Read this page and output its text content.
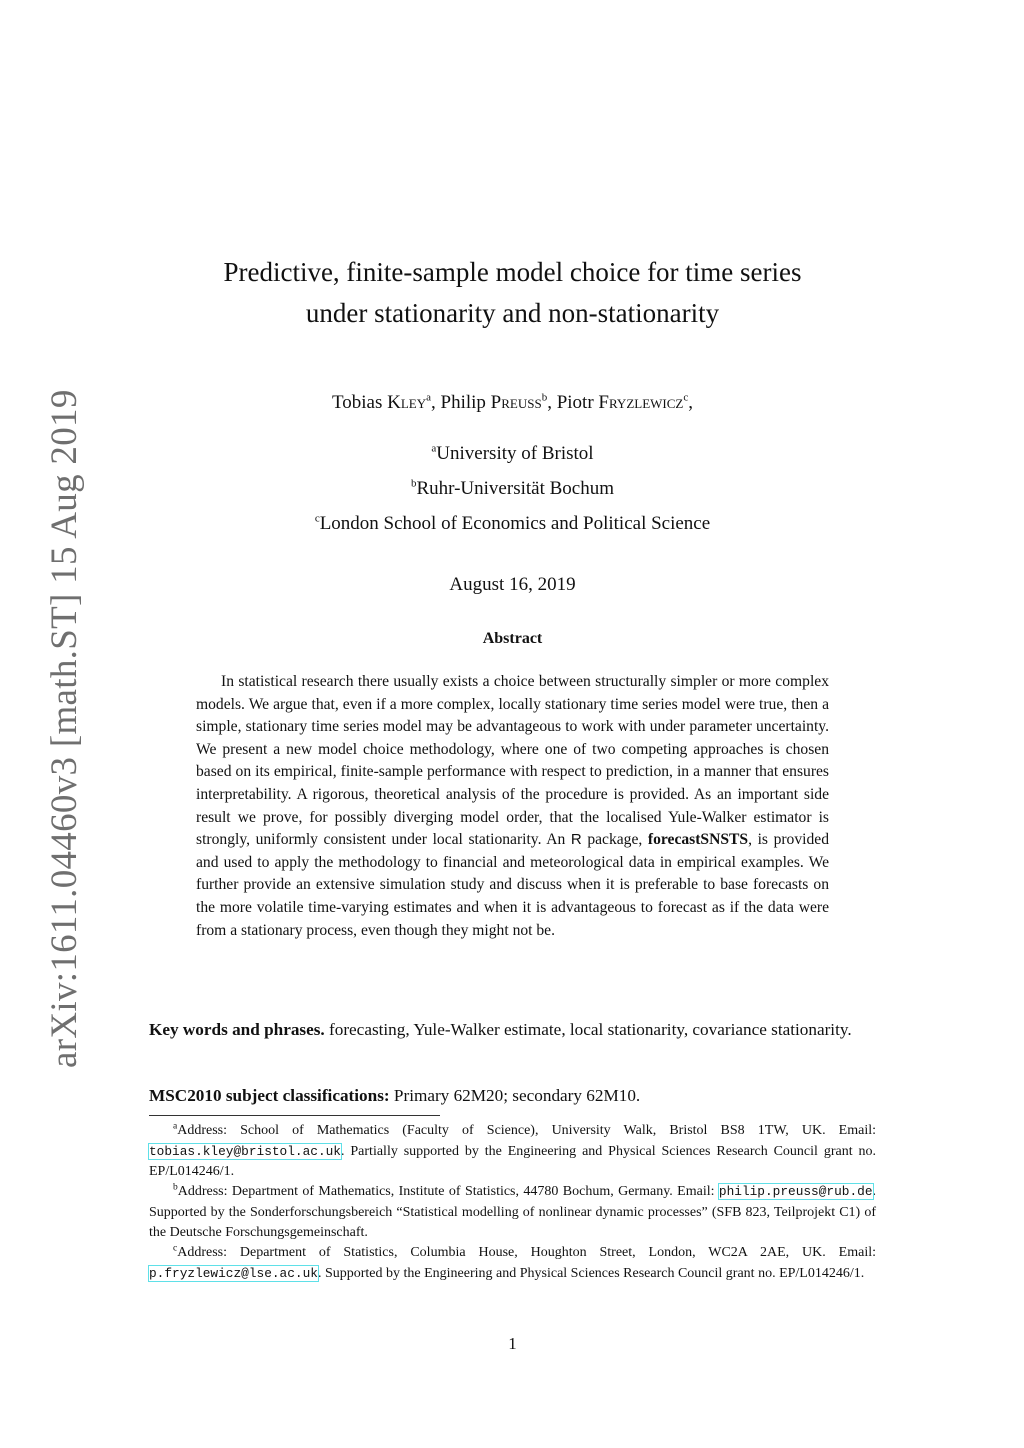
arXiv:1611.04460v3 [math.ST] 15 Aug 2019
Predictive, finite-sample model choice for time series
under stationarity and non-stationarity
Tobias Kley$^a$, Philip Preuß$^b$, Piotr Fryzlewicz$^c$,
$^a$University of Bristol
$^b$Ruhr-Universität Bochum
$^c$London School of Economics and Political Science
August 16, 2019
Abstract

In statistical research there usually exists a choice between structurally simpler or more complex models. We argue that, even if a more complex, locally stationary time series model were true, then a simple, stationary time series model may be advantageous to work with under parameter uncertainty. We present a new model choice methodology, where one of two competing approaches is chosen based on its empirical, finite-sample performance with respect to prediction, in a manner that ensures interpretability. A rigorous, theoretical analysis of the procedure is provided. As an important side result we prove, for possibly diverging model order, that the localised Yule-Walker estimator is strongly, uniformly consistent under local stationarity. An R package, forecastSNSTS, is provided and used to apply the methodology to financial and meteorological data in empirical examples. We further provide an extensive simulation study and discuss when it is preferable to base forecasts on the more volatile time-varying estimates and when it is advantageous to forecast as if the data were from a stationary process, even though they might not be.

Key words and phrases. forecasting, Yule-Walker estimate, local stationarity, covariance stationarity.

MSC2010 subject classifications: Primary 62M20; secondary 62M10.

$^a$Address: School of Mathematics (Faculty of Science), University Walk, Bristol BS8 1TW, UK. Email: tobias.kley@bristol.ac.uk. Partially supported by the Engineering and Physical Sciences Research Council grant no. EP/L014246/1.

$^b$Address: Department of Mathematics, Institute of Statistics, 44780 Bochum, Germany. Email: philip.preuss@rub.de. Supported by the Sonderforschungsbereich “Statistical modelling of nonlinear dynamic processes” (SFB 823, Teilprojekt C1) of the Deutsche Forschungsgemeinschaft.

$^c$Address: Department of Statistics, Columbia House, Houghton Street, London, WC2A 2AE, UK. Email: p.fryzlewicz@lse.ac.uk. Supported by the Engineering and Physical Sciences Research Council grant no. EP/L014246/1.

1
